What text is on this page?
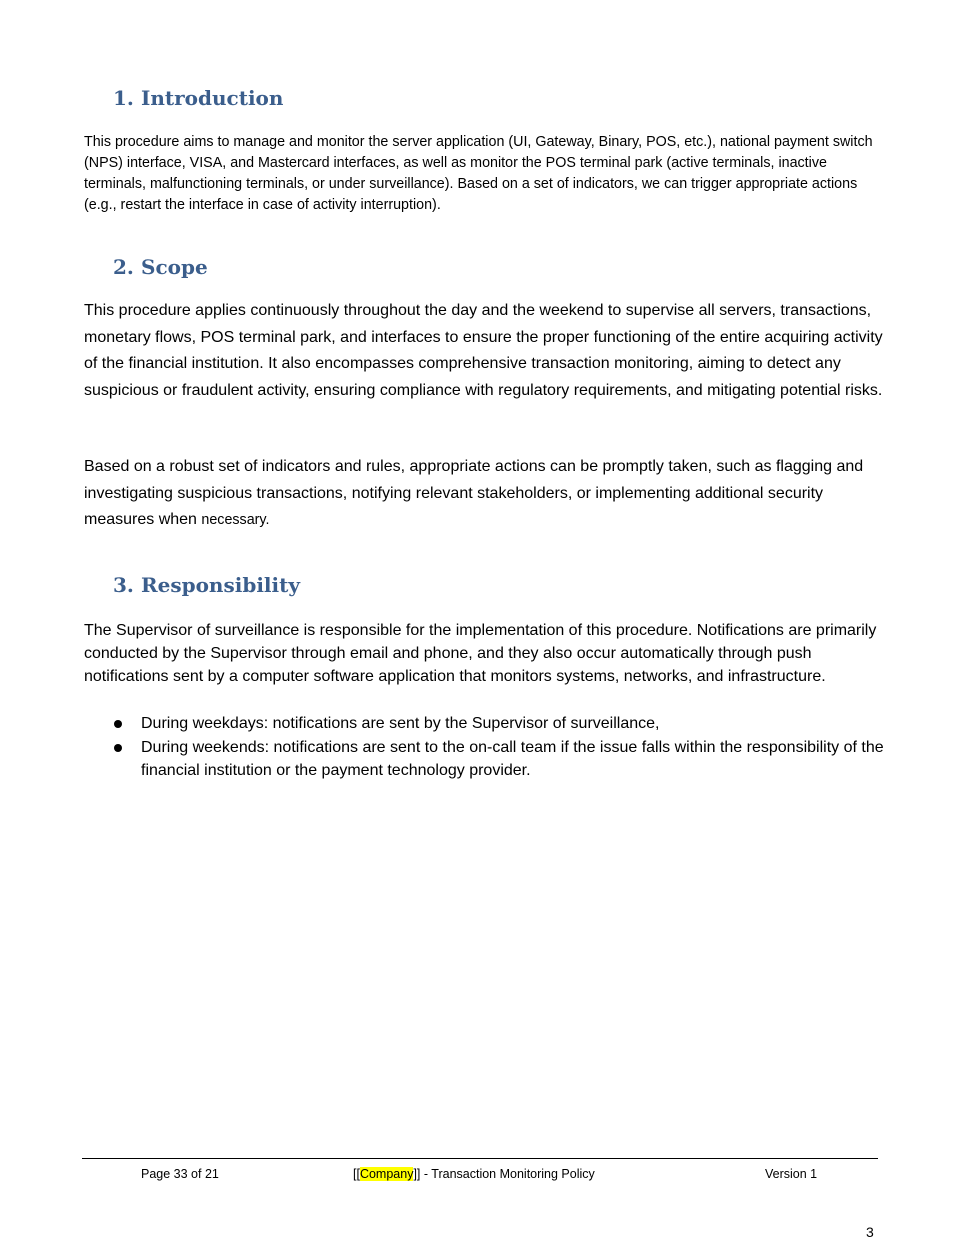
1. Introduction

This procedure aims to manage and monitor the server application (UI, Gateway, Binary, POS, etc.), national payment switch (NPS) interface, VISA, and Mastercard interfaces, as well as monitor the POS terminal park (active terminals, inactive terminals, malfunctioning terminals, or under surveillance). Based on a set of indicators, we can trigger appropriate actions (e.g., restart the interface in case of activity interruption).

2. Scope

This procedure applies continuously throughout the day and the weekend to supervise all servers, transactions, monetary flows, POS terminal park, and interfaces to ensure the proper functioning of the entire acquiring activity of the financial institution. It also encompasses comprehensive transaction monitoring, aiming to detect any suspicious or fraudulent activity, ensuring compliance with regulatory requirements, and mitigating potential risks.

Based on a robust set of indicators and rules, appropriate actions can be promptly taken, such as flagging and investigating suspicious transactions, notifying relevant stakeholders, or implementing additional security measures when necessary.

3. Responsibility

The Supervisor of surveillance is responsible for the implementation of this procedure. Notifications are primarily conducted by the Supervisor through email and phone, and they also occur automatically through push notifications sent by a computer software application that monitors systems, networks, and infrastructure.

During weekdays: notifications are sent by the Supervisor of surveillance,
During weekends: notifications are sent to the on-call team if the issue falls within the responsibility of the financial institution or the payment technology provider.
Page 33 of 21	[[Company]] - Transaction Monitoring Policy	Version 1
3
